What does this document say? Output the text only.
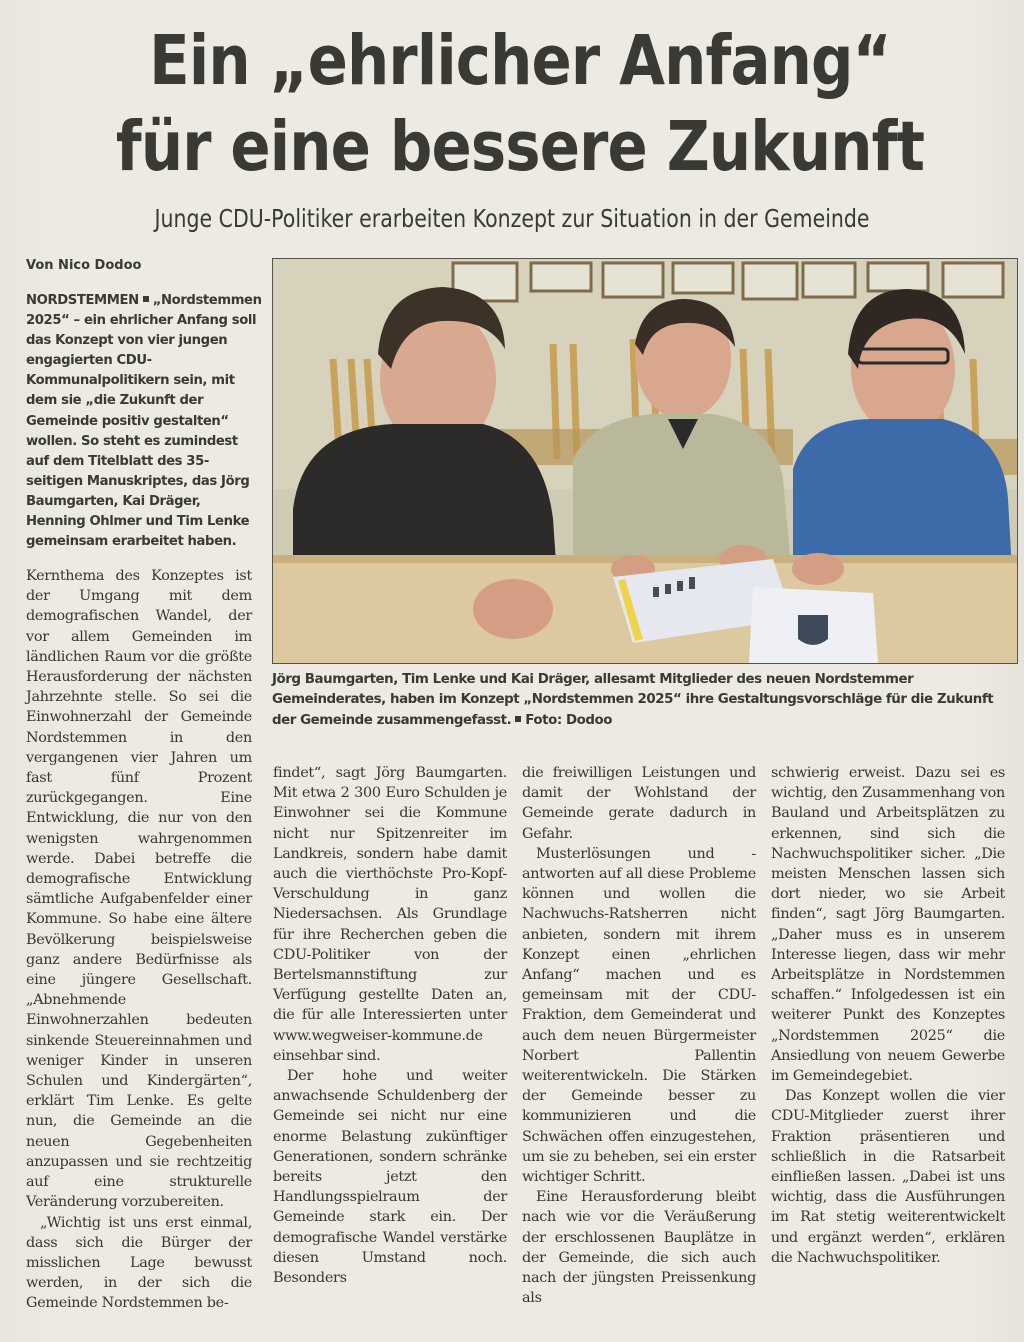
Ein „ehrlicher Anfang“
für eine bessere Zukunft
Junge CDU-Politiker erarbeiten Konzept zur Situation in der Gemeinde
Von Nico Dodoo
NORDSTEMMEN „Nordstemmen 2025“ – ein ehrlicher Anfang soll das Konzept von vier jungen engagierten CDU-Kommunalpolitikern sein, mit dem sie „die Zukunft der Gemeinde positiv gestalten“ wollen. So steht es zumindest auf dem Titelblatt des 35-seitigen Manuskriptes, das Jörg Baumgarten, Kai Dräger, Henning Ohlmer und Tim Lenke gemeinsam erarbeitet haben.
Jörg Baumgarten, Tim Lenke und Kai Dräger, allesamt Mitglieder des neuen Nordstemmer Gemeinderates, haben im Konzept „Nordstemmen 2025“ ihre Gestaltungsvorschläge für die Zukunft der Gemeinde zusammengefasst. Foto: Dodoo

Kernthema des Konzeptes ist der Umgang mit dem demografischen Wandel, der vor allem Gemeinden im ländlichen Raum vor die größte Herausforderung der nächsten Jahrzehnte stelle. So sei die Einwohnerzahl der Gemeinde Nordstemmen in den vergangenen vier Jahren um fast fünf Prozent zurückgegangen. Eine Entwicklung, die nur von den wenigsten wahrgenommen werde. Dabei betreffe die demografische Entwicklung sämtliche Aufgabenfelder einer Kommune. So habe eine ältere Bevölkerung beispielsweise ganz andere Bedürfnisse als eine jüngere Gesellschaft. „Abnehmende Einwohnerzahlen bedeuten sinkende Steuereinnahmen und weniger Kinder in unseren Schulen und Kindergärten“, erklärt Tim Lenke. Es gelte nun, die Gemeinde an die neuen Gegebenheiten anzupassen und sie rechtzeitig auf eine strukturelle Veränderung vorzubereiten.

„Wichtig ist uns erst einmal, dass sich die Bürger der misslichen Lage bewusst werden, in der sich die Gemeinde Nordstemmen be-

findet“, sagt Jörg Baumgarten. Mit etwa 2 300 Euro Schulden je Einwohner sei die Kommune nicht nur Spitzenreiter im Landkreis, sondern habe damit auch die vierthöchste Pro-Kopf-Verschuldung in ganz Niedersachsen. Als Grundlage für ihre Recherchen geben die CDU-Politiker von der Bertelsmannstiftung zur Verfügung gestellte Daten an, die für alle Interessierten unter www.wegweiser-kommune.de einsehbar sind.

Der hohe und weiter anwachsende Schuldenberg der Gemeinde sei nicht nur eine enorme Belastung zukünftiger Generationen, sondern schränke bereits jetzt den Handlungsspielraum der Gemeinde stark ein. Der demografische Wandel verstärke diesen Umstand noch. Besonders

die freiwilligen Leistungen und damit der Wohlstand der Gemeinde gerate dadurch in Gefahr.

Musterlösungen und -antworten auf all diese Probleme können und wollen die Nachwuchs-Ratsherren nicht anbieten, sondern mit ihrem Konzept einen „ehrlichen Anfang“ machen und es gemeinsam mit der CDU-Fraktion, dem Gemeinderat und auch dem neuen Bürgermeister Norbert Pallentin weiterentwickeln. Die Stärken der Gemeinde besser zu kommunizieren und die Schwächen offen einzugestehen, um sie zu beheben, sei ein erster wichtiger Schritt.

Eine Herausforderung bleibt nach wie vor die Veräußerung der erschlossenen Bauplätze in der Gemeinde, die sich auch nach der jüngsten Preissenkung als

schwierig erweist. Dazu sei es wichtig, den Zusammenhang von Bauland und Arbeitsplätzen zu erkennen, sind sich die Nachwuchspolitiker sicher. „Die meisten Menschen lassen sich dort nieder, wo sie Arbeit finden“, sagt Jörg Baumgarten. „Daher muss es in unserem Interesse liegen, dass wir mehr Arbeitsplätze in Nordstemmen schaffen.“ Infolgedessen ist ein weiterer Punkt des Konzeptes „Nordstemmen 2025“ die Ansiedlung von neuem Gewerbe im Gemeindegebiet.

Das Konzept wollen die vier CDU-Mitglieder zuerst ihrer Fraktion präsentieren und schließlich in die Ratsarbeit einfließen lassen. „Dabei ist uns wichtig, dass die Ausführungen im Rat stetig weiterentwickelt und ergänzt werden“, erklären die Nachwuchspolitiker.
